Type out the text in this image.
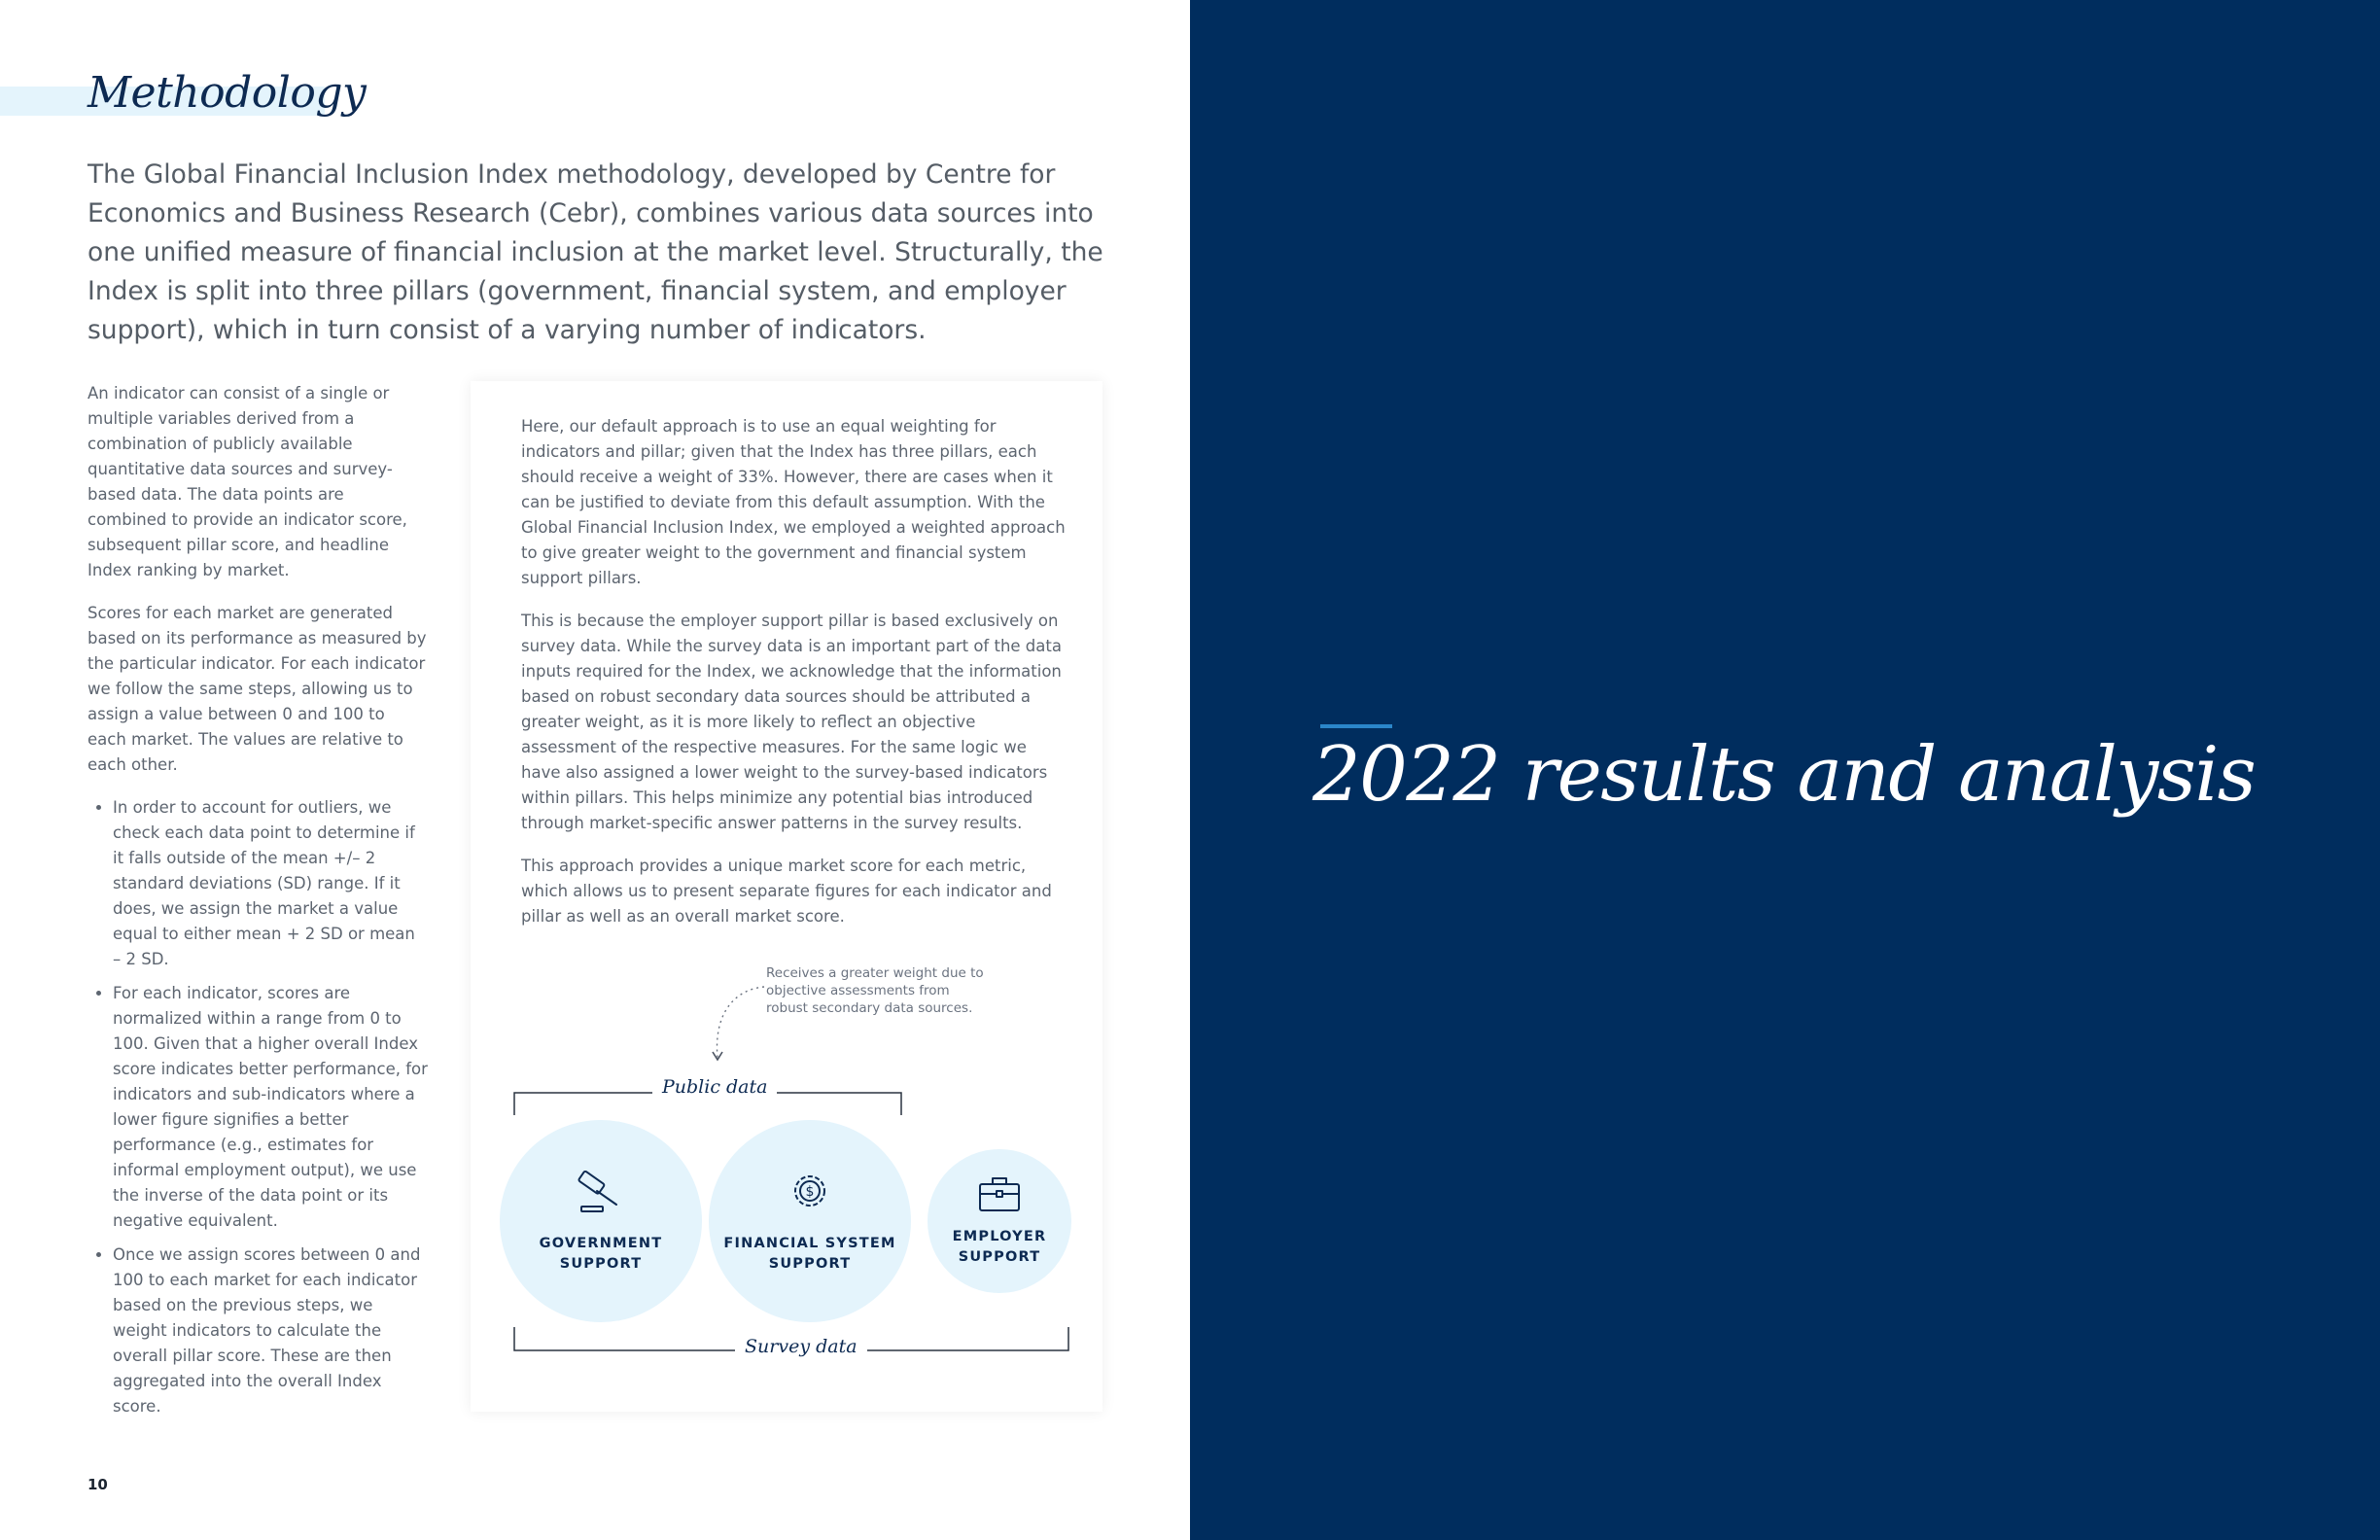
Methodology

The Global Financial Inclusion Index methodology, developed by Centre for Economics and Business Research (Cebr), combines various data sources into one unified measure of financial inclusion at the market level. Structurally, the Index is split into three pillars (government, financial system, and employer support), which in turn consist of a varying number of indicators.

An indicator can consist of a single or multiple variables derived from a combination of publicly available quantitative data sources and survey-based data. The data points are combined to provide an indicator score, subsequent pillar score, and headline Index ranking by market.

Scores for each market are generated based on its performance as measured by the particular indicator. For each indicator we follow the same steps, allowing us to assign a value between 0 and 100 to each market. The values are relative to each other.

• In order to account for outliers, we check each data point to determine if it falls outside of the mean +/– 2 standard deviations (SD) range. If it does, we assign the market a value equal to either mean + 2 SD or mean – 2 SD.
• For each indicator, scores are normalized within a range from 0 to 100. Given that a higher overall Index score indicates better performance, for indicators and sub-indicators where a lower figure signifies a better performance (e.g., estimates for informal employment output), we use the inverse of the data point or its negative equivalent.
• Once we assign scores between 0 and 100 to each market for each indicator based on the previous steps, we weight indicators to calculate the overall pillar score. These are then aggregated into the overall Index score.

Here, our default approach is to use an equal weighting for indicators and pillar; given that the Index has three pillars, each should receive a weight of 33%. However, there are cases when it can be justified to deviate from this default assumption. With the Global Financial Inclusion Index, we employed a weighted approach to give greater weight to the government and financial system support pillars.

This is because the employer support pillar is based exclusively on survey data. While the survey data is an important part of the data inputs required for the Index, we acknowledge that the information based on robust secondary data sources should be attributed a greater weight, as it is more likely to reflect an objective assessment of the respective measures. For the same logic we have also assigned a lower weight to the survey-based indicators within pillars. This helps minimize any potential bias introduced through market-specific answer patterns in the survey results.

This approach provides a unique market score for each metric, which allows us to present separate figures for each indicator and pillar as well as an overall market score.

Receives a greater weight due to objective assessments from robust secondary data sources.
Public data
GOVERNMENT
SUPPORT
$
FINANCIAL SYSTEM
SUPPORT
EMPLOYER
SUPPORT
Survey data
10
2022 results and analysis
